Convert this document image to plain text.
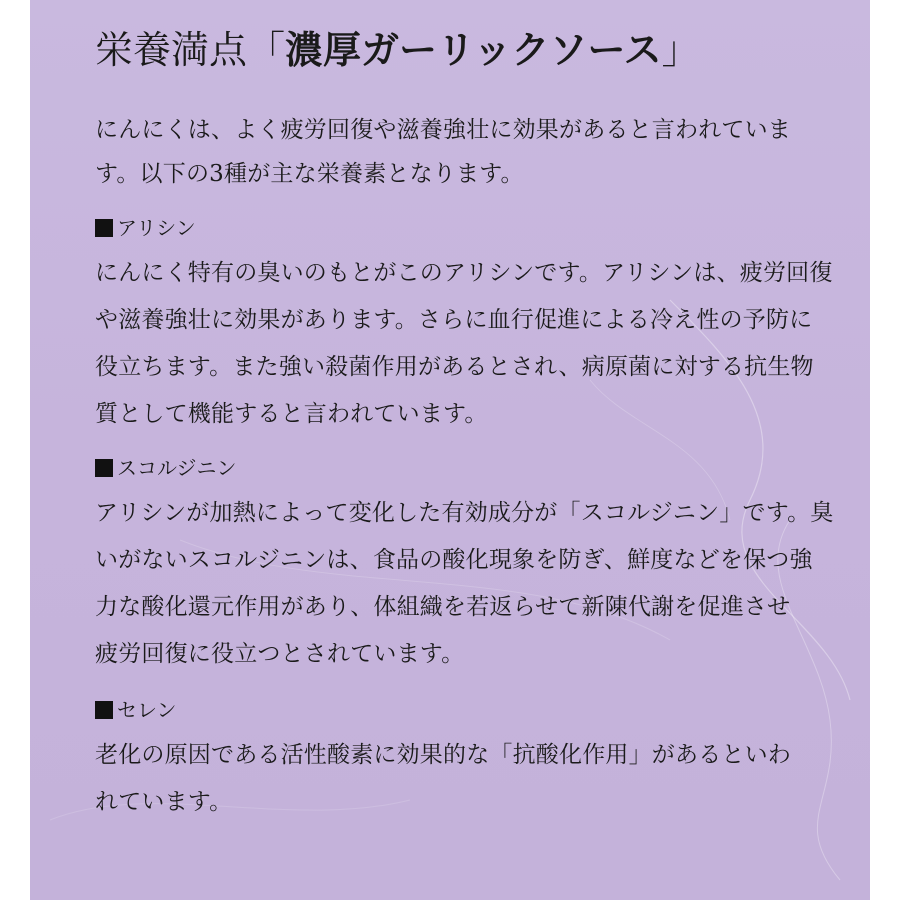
栄養満点「濃厚ガーリックソース」

にんにくは、よく疲労回復や滋養強壮に効果があると言われていま
す。以下の3種が主な栄養素となります。

アリシン

にんにく特有の臭いのもとがこのアリシンです。アリシンは、疲労回復
や滋養強壮に効果があります。さらに血行促進による冷え性の予防に
役立ちます。また強い殺菌作用があるとされ、病原菌に対する抗生物
質として機能すると言われています。

スコルジニン

アリシンが加熱によって変化した有効成分が「スコルジニン」です。臭
いがないスコルジニンは、食品の酸化現象を防ぎ、鮮度などを保つ強
力な酸化還元作用があり、体組織を若返らせて新陳代謝を促進させ
疲労回復に役立つとされています。

セレン

老化の原因である活性酸素に効果的な「抗酸化作用」があるといわ
れています。
